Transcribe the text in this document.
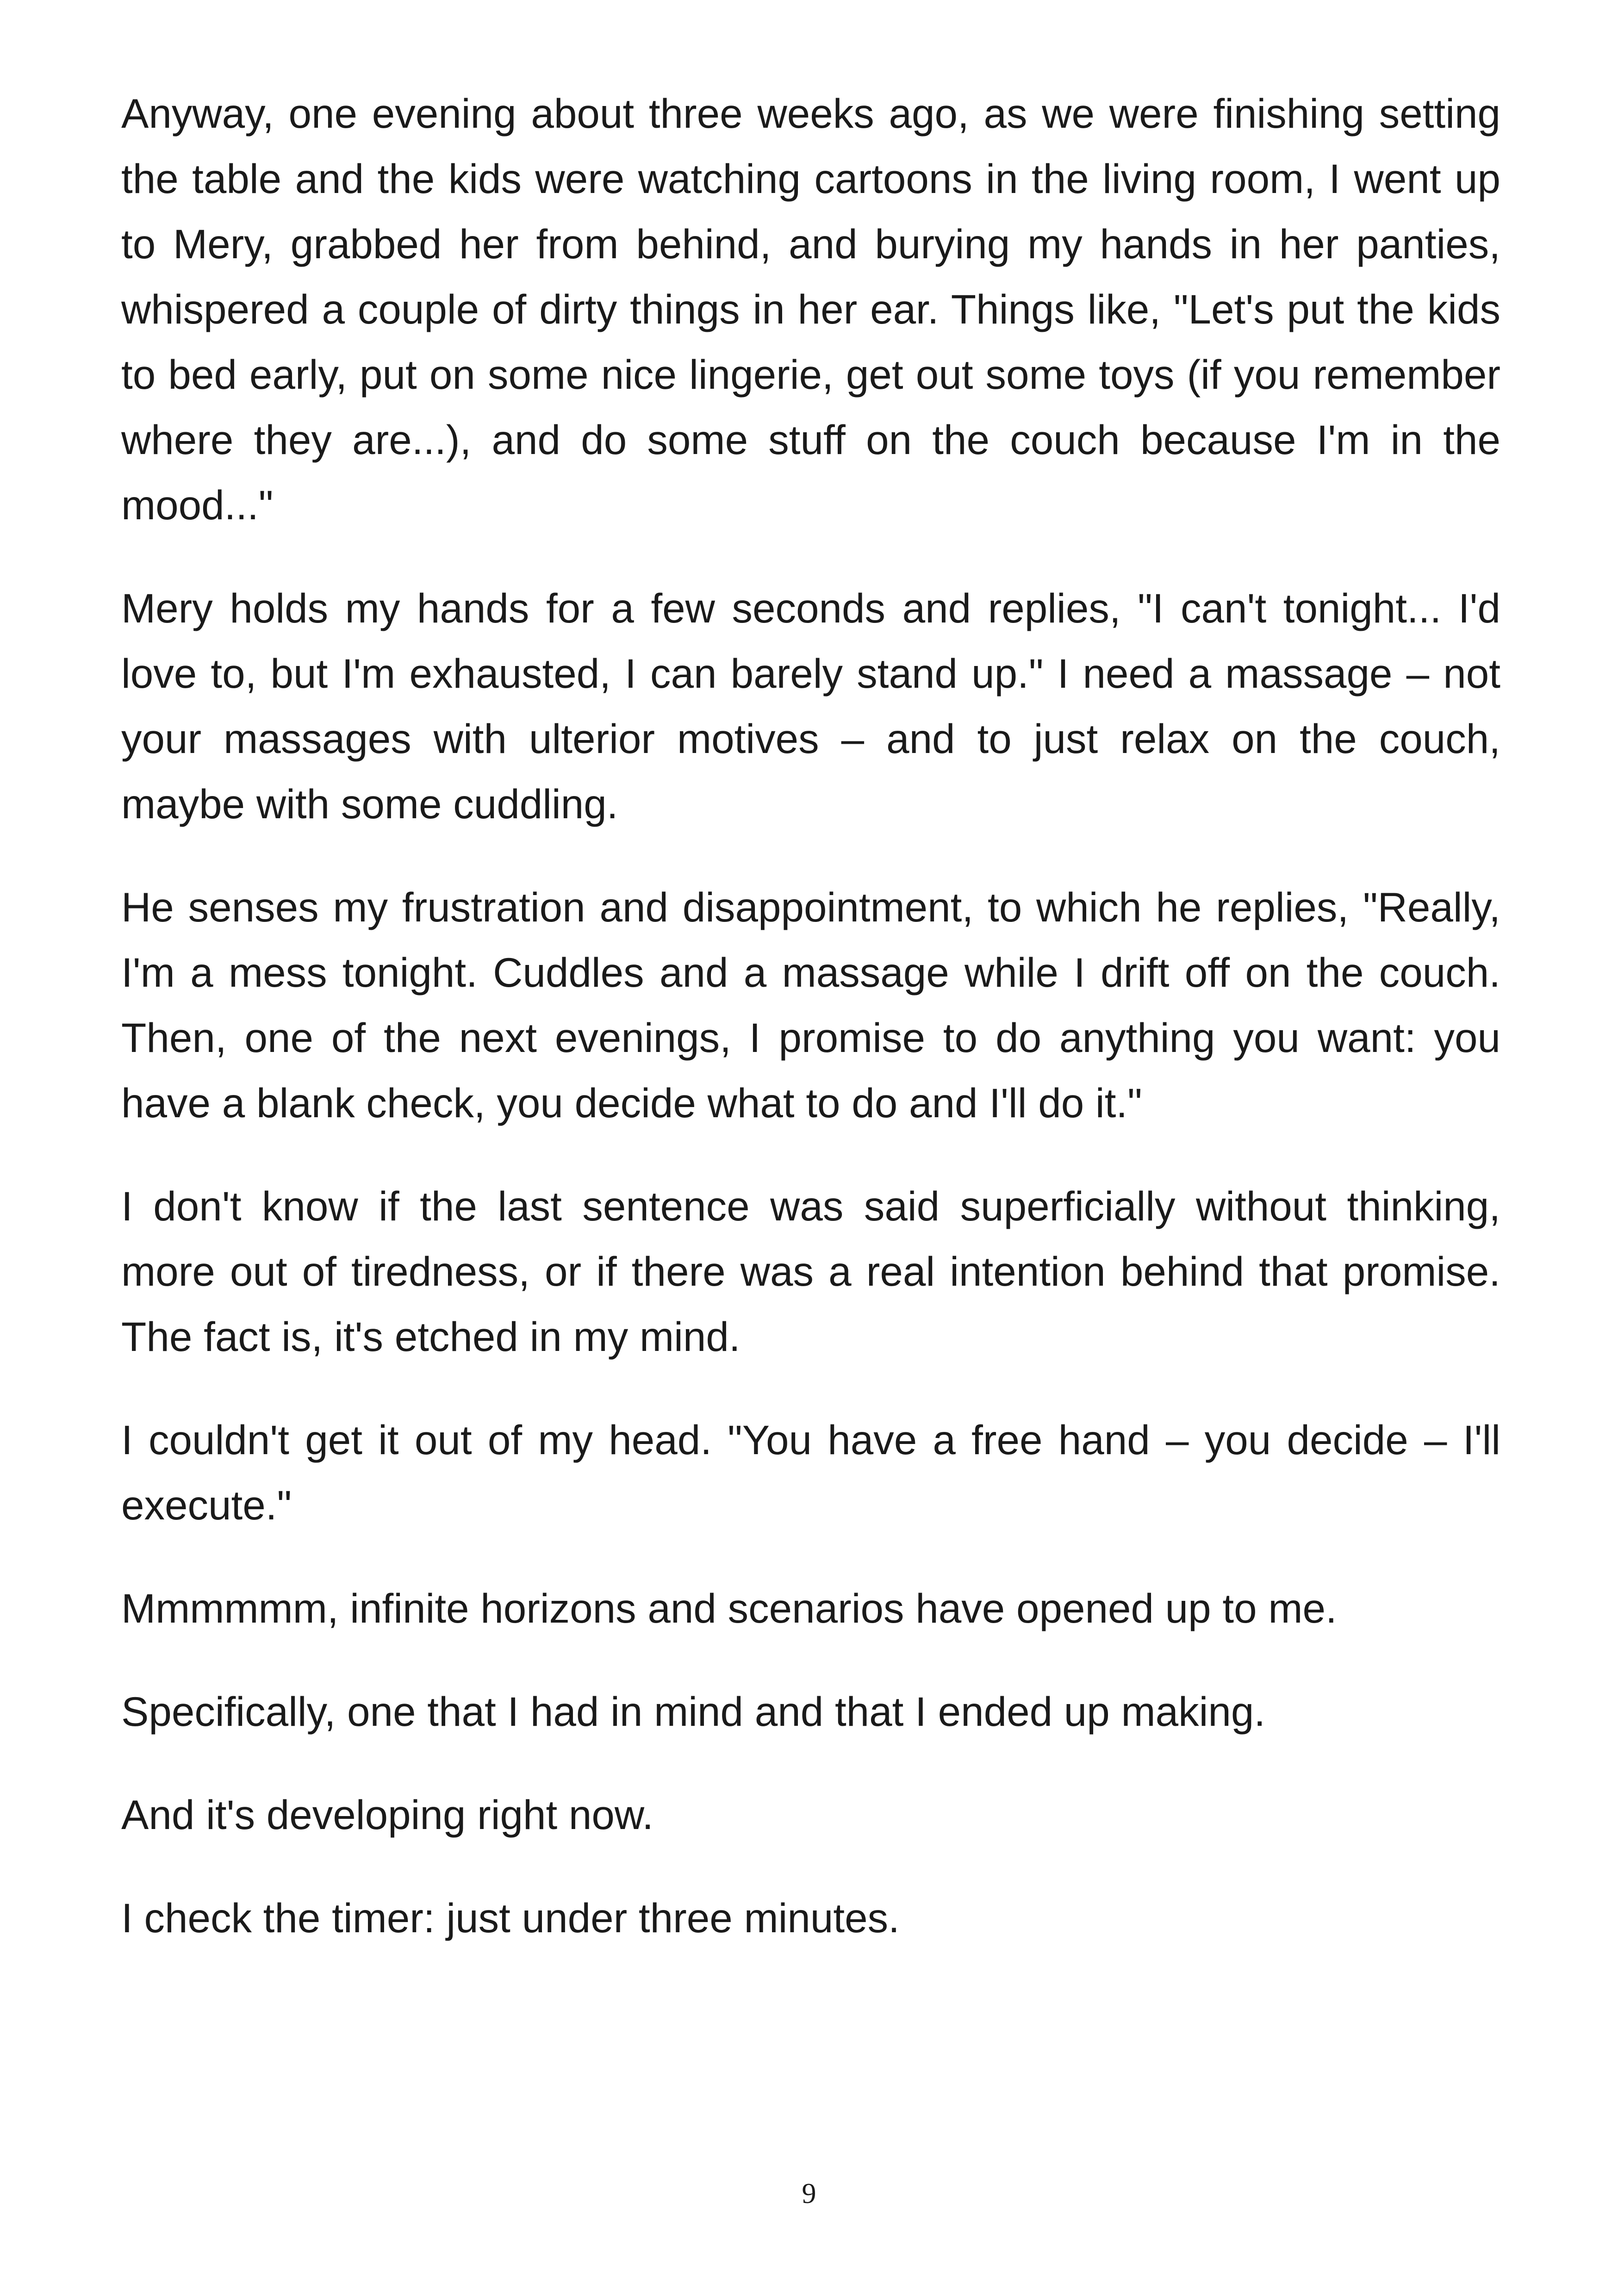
Anyway, one evening about three weeks ago, as we were finishing setting the table and the kids were watching cartoons in the living room, I went up to Mery, grabbed her from behind, and burying my hands in her panties, whispered a couple of dirty things in her ear. Things like, "Let's put the kids to bed early, put on some nice lingerie, get out some toys (if you remember where they are...), and do some stuff on the couch because I'm in the mood..."

Mery holds my hands for a few seconds and replies, "I can't tonight... I'd love to, but I'm exhausted, I can barely stand up." I need a massage – not your massages with ulterior motives – and to just relax on the couch, maybe with some cuddling.

He senses my frustration and disappointment, to which he replies, "Really, I'm a mess tonight. Cuddles and a massage while I drift off on the couch. Then, one of the next evenings, I promise to do anything you want: you have a blank check, you decide what to do and I'll do it."

I don't know if the last sentence was said superficially without thinking, more out of tiredness, or if there was a real intention behind that promise. The fact is, it's etched in my mind.

I couldn't get it out of my head. "You have a free hand – you decide – I'll execute."

Mmmmmm, infinite horizons and scenarios have opened up to me.

Specifically, one that I had in mind and that I ended up making.

And it's developing right now.

I check the timer: just under three minutes.

9
